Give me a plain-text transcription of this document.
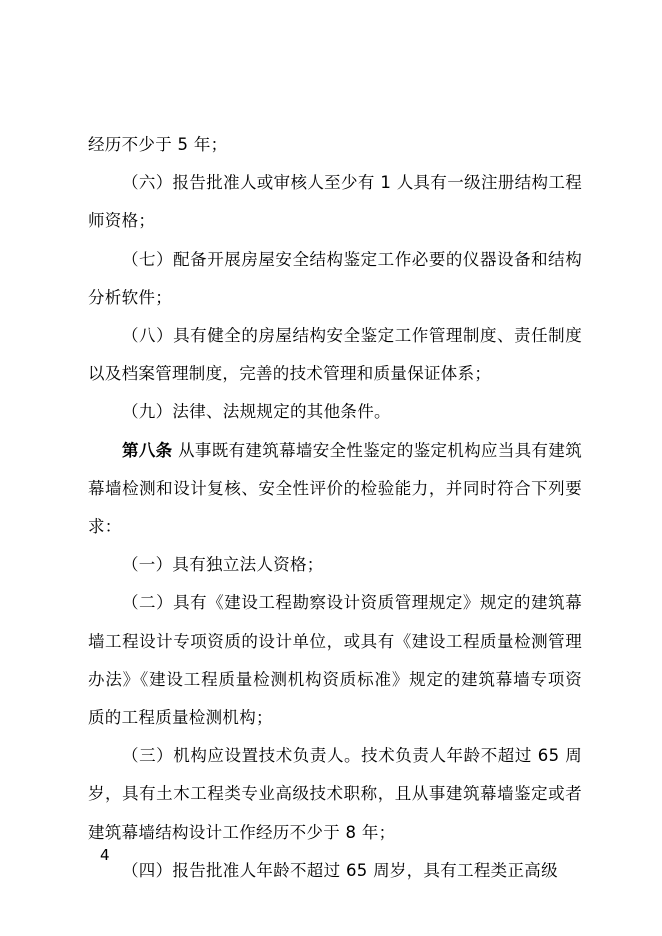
经历不少于 5 年；

（六）报告批准人或审核人至少有 1 人具有一级注册结构工程师资格；

（七）配备开展房屋安全结构鉴定工作必要的仪器设备和结构分析软件；

（八）具有健全的房屋结构安全鉴定工作管理制度、责任制度以及档案管理制度，完善的技术管理和质量保证体系；

（九）法律、法规规定的其他条件。

第八条 从事既有建筑幕墙安全性鉴定的鉴定机构应当具有建筑幕墙检测和设计复核、安全性评价的检验能力，并同时符合下列要求：

（一）具有独立法人资格；

（二）具有《建设工程勘察设计资质管理规定》规定的建筑幕墙工程设计专项资质的设计单位，或具有《建设工程质量检测管理办法》《建设工程质量检测机构资质标准》规定的建筑幕墙专项资质的工程质量检测机构；

（三）机构应设置技术负责人。技术负责人年龄不超过 65 周岁，具有土木工程类专业高级技术职称，且从事建筑幕墙鉴定或者建筑幕墙结构设计工作经历不少于 8 年；

（四）报告批准人年龄不超过 65 周岁，具有工程类正高级

4
